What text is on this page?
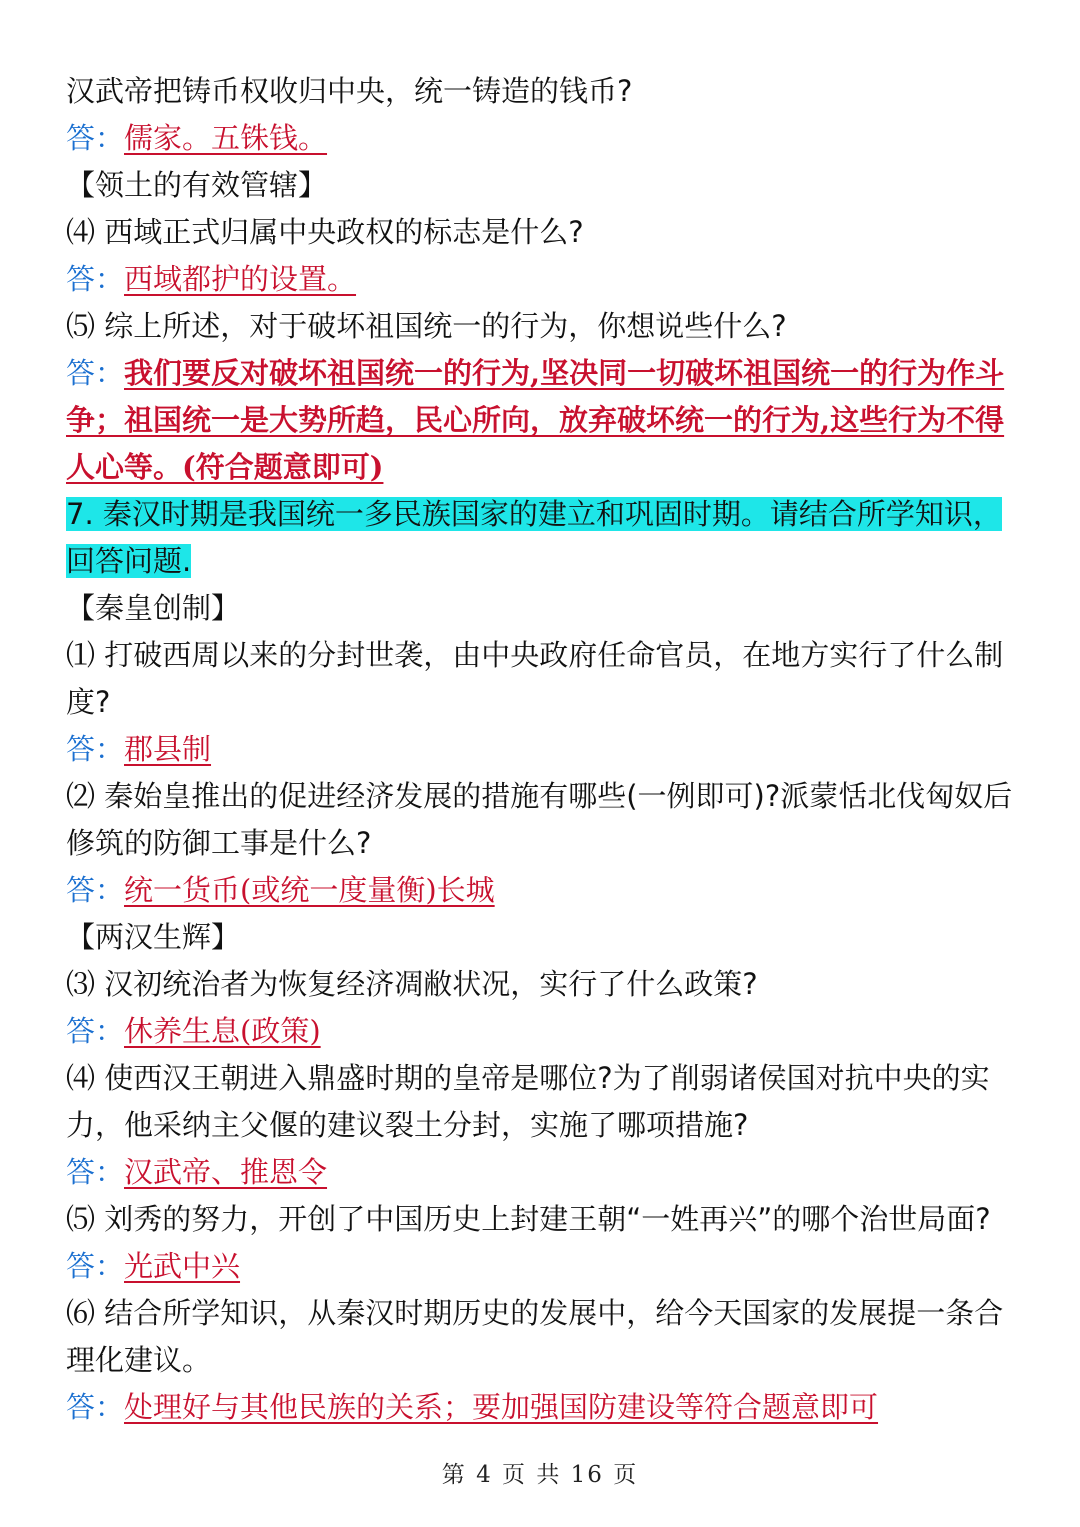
汉武帝把铸币权收归中央，统一铸造的钱币?
答：儒家。五铢钱。
【领土的有效管辖】
⑷ 西域正式归属中央政权的标志是什么?
答：西域都护的设置。
⑸ 综上所述，对于破坏祖国统一的行为，你想说些什么?
答：我们要反对破坏祖国统一的行为,坚决同一切破坏祖国统一的行为作斗争；祖国统一是大势所趋，民心所向，放弃破坏统一的行为,这些行为不得人心等。(符合题意即可)
7. 秦汉时期是我国统一多民族国家的建立和巩固时期。请结合所学知识，回答问题.
【秦皇创制】
⑴ 打破西周以来的分封世袭，由中央政府任命官员，在地方实行了什么制度?
答：郡县制
⑵ 秦始皇推出的促进经济发展的措施有哪些(一例即可)?派蒙恬北伐匈奴后修筑的防御工事是什么?
答：统一货币(或统一度量衡)长城
【两汉生辉】
⑶ 汉初统治者为恢复经济凋敝状况，实行了什么政策?
答：休养生息(政策)
⑷ 使西汉王朝进入鼎盛时期的皇帝是哪位?为了削弱诸侯国对抗中央的实力，他采纳主父偃的建议裂土分封，实施了哪项措施?
答：汉武帝、推恩令
⑸ 刘秀的努力，开创了中国历史上封建王朝“一姓再兴”的哪个治世局面?
答：光武中兴
⑹ 结合所学知识，从秦汉时期历史的发展中，给今天国家的发展提一条合理化建议。
答：处理好与其他民族的关系；要加强国防建设等符合题意即可
第 4 页 共 16 页
